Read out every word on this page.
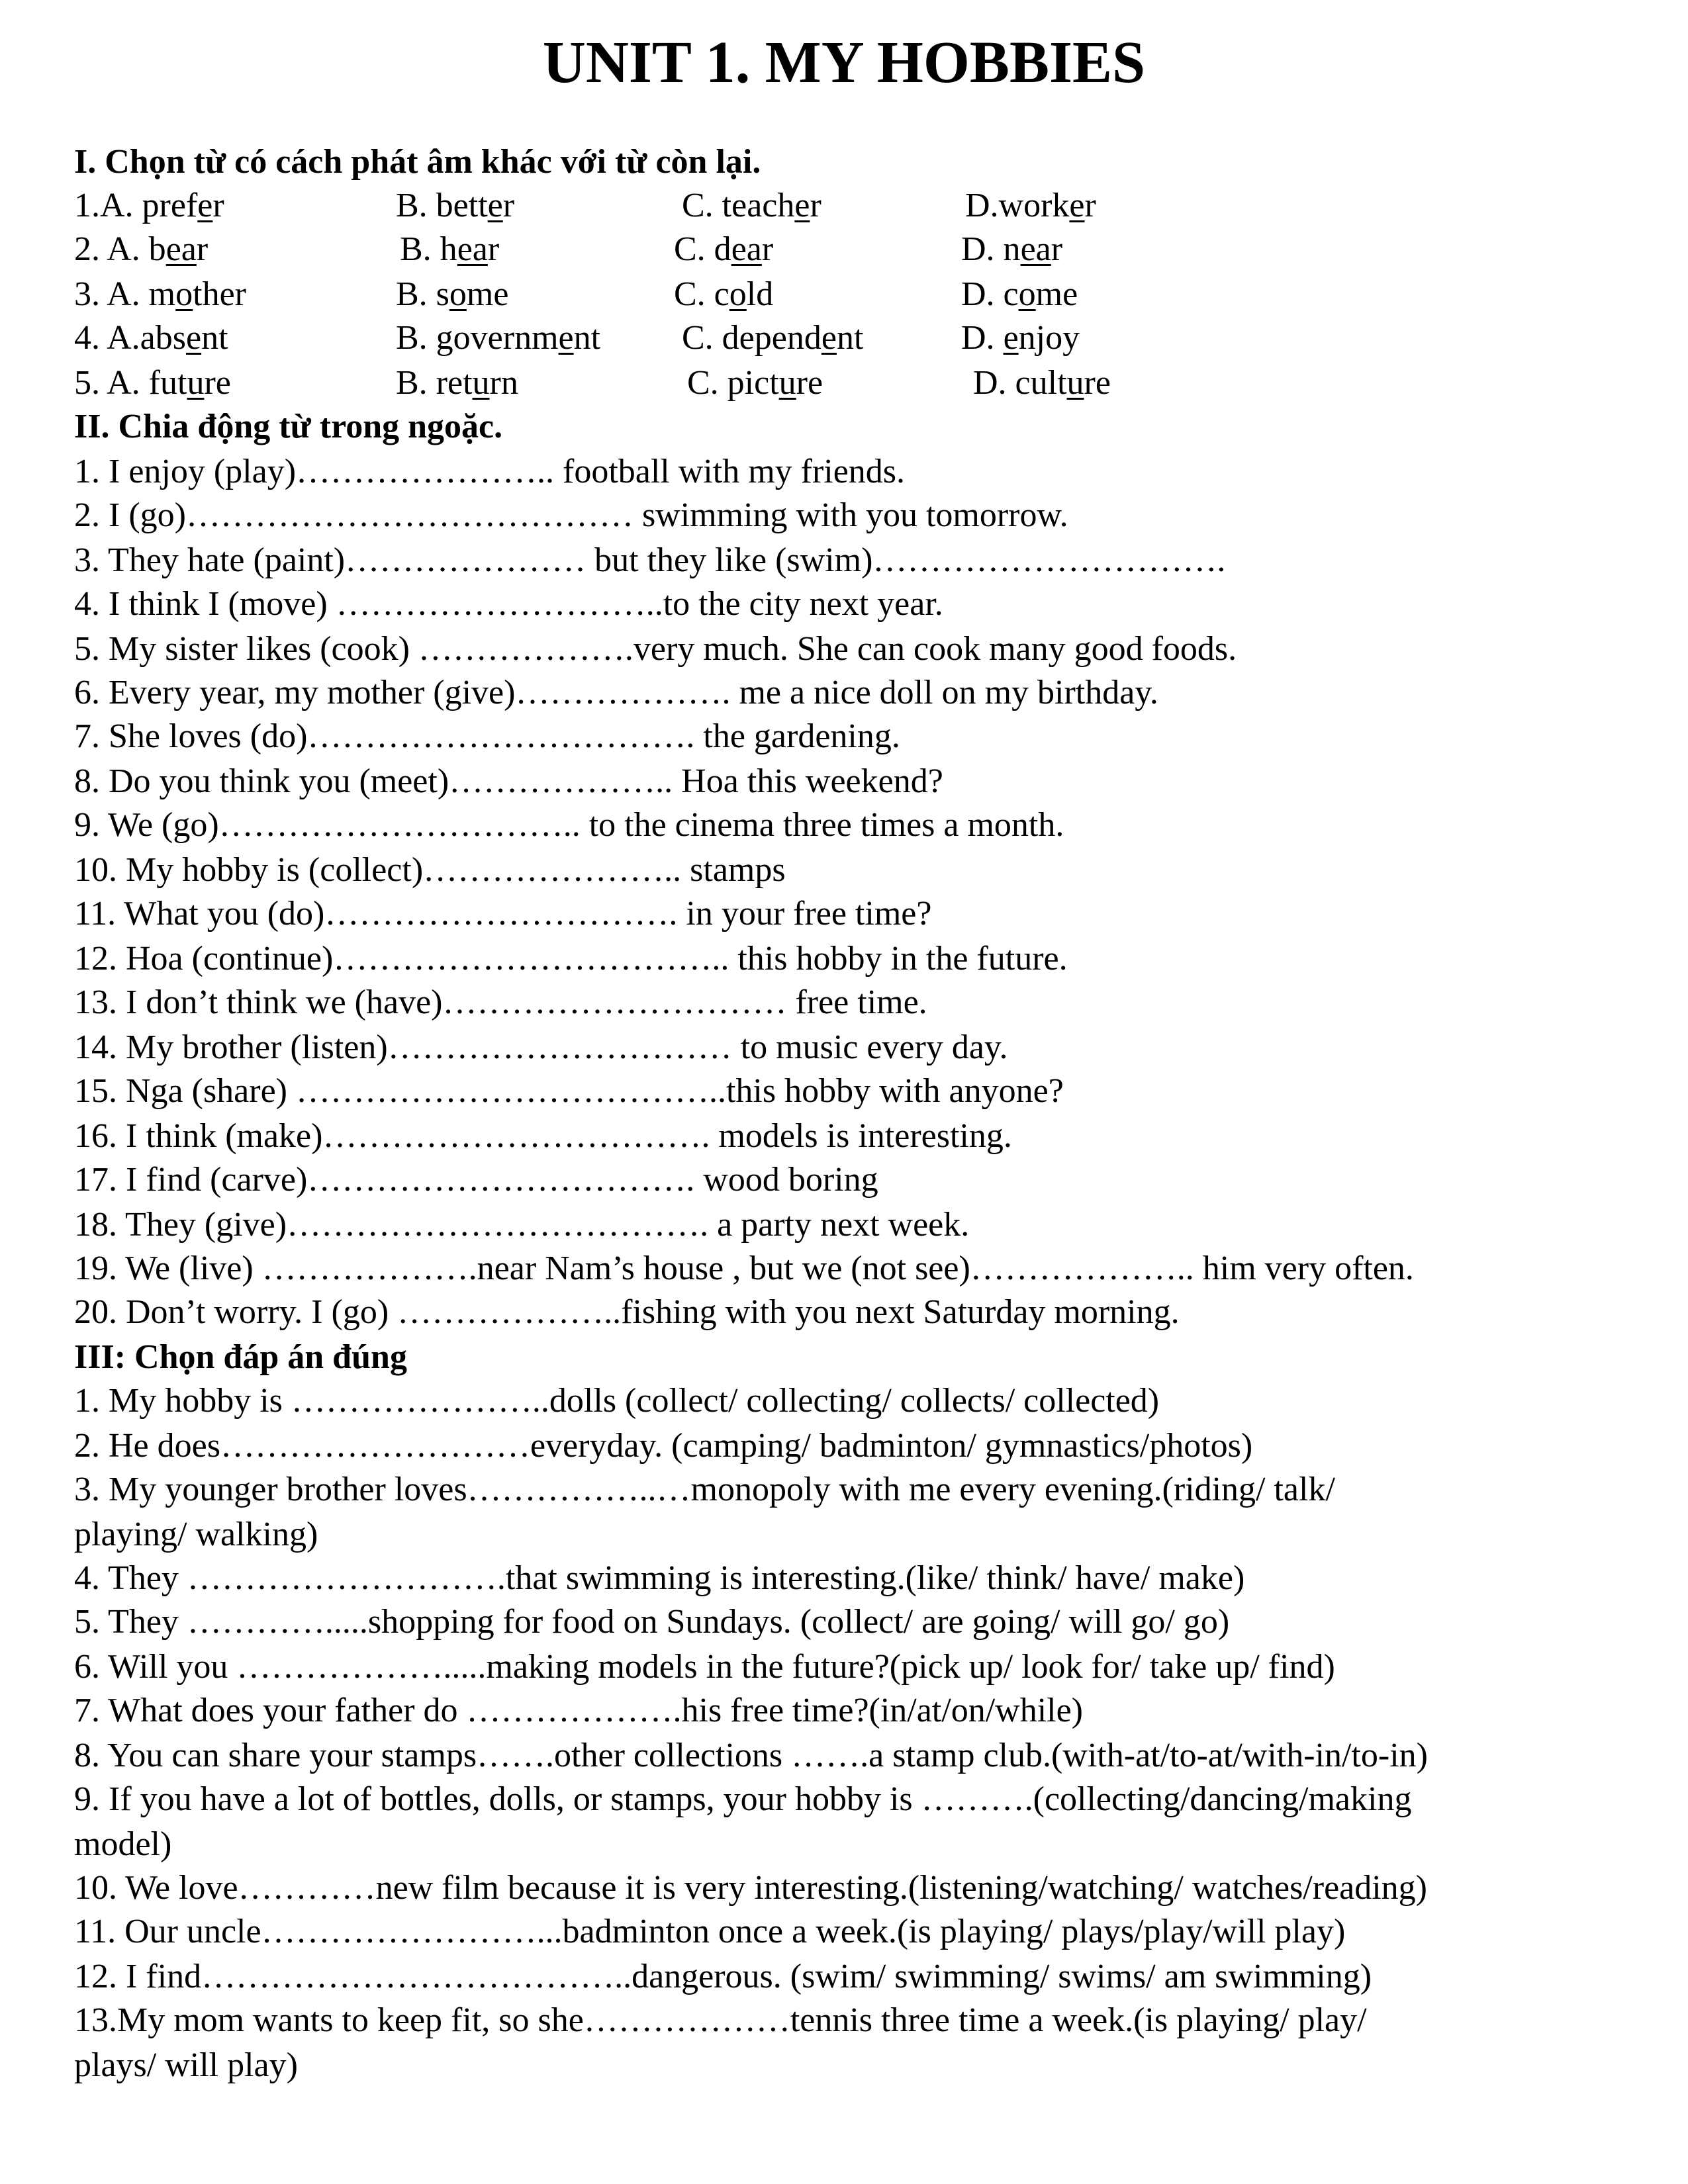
UNIT 1. MY HOBBIES
I. Chọn từ có cách phát âm khác với từ còn lại.
1.A. prefer	B. better	C. teacher	D.worker
2. A. bear	B. hear	C. dear	D. near
3. A. mother	B. some	C. cold	D. come
4. A.absent	B. government C. dependent	D. enjoy
5. A. future	B. return	C. picture	D. culture
II. Chia động từ trong ngoặc.
1. I enjoy (play)………………….. football with my friends.
2. I (go)………………………………… swimming with you tomorrow.
3. They hate (paint)………………… but they like (swim)………………………….
4. I think I (move) ………………………..to the city next year.
5. My sister likes (cook) ……………….very much. She can cook many good foods.
6. Every year, my mother (give)………………. me a nice doll on my birthday.
7. She loves (do)……………………………. the gardening.
8. Do you think you (meet)……………….. Hoa this weekend?
9. We (go)………………………….. to the cinema three times a month.
10. My hobby is (collect)………………….. stamps
11. What you (do)…………………………. in your free time?
12. Hoa (continue)…………………………….. this hobby in the future.
13. I don’t think we (have)………………………… free time.
14. My brother (listen)………………………… to music every day.
15. Nga (share) ………………………………..this hobby with anyone?
16. I think (make)……………………………. models is interesting.
17. I find (carve)……………………………. wood boring
18. They (give)………………………………. a party next week.
19. We (live) ……………….near Nam’s house , but we (not see)……………….. him very often.
20. Don’t worry. I (go) ………………..fishing with you next Saturday morning.
III: Chọn đáp án đúng
1. My hobby is …………………..dolls (collect/ collecting/ collects/ collected)
2. He does………………………everyday. (camping/ badminton/ gymnastics/photos)
3. My younger brother loves……………..…monopoly with me every evening.(riding/ talk/
playing/ walking)
4. They ……………………….that swimming is interesting.(like/ think/ have/ make)
5. They ………….....shopping for food on Sundays. (collect/ are going/ will go/ go)
6. Will you ……………….....making models in the future?(pick up/ look for/ take up/ find)
7. What does your father do ……………….his free time?(in/at/on/while)
8. You can share your stamps…….other collections …….a stamp club.(with-at/to-at/with-in/to-in)
9. If you have a lot of bottles, dolls, or stamps, your hobby is ……….(collecting/dancing/making
model)
10. We love…………new film because it is very interesting.(listening/watching/ watches/reading)
11. Our uncle……………………...badminton once a week.(is playing/ plays/play/will play)
12. I find………………………………..dangerous. (swim/ swimming/ swims/ am swimming)
13.My mom wants to keep fit, so she………………tennis three time a week.(is playing/ play/
plays/ will play)
